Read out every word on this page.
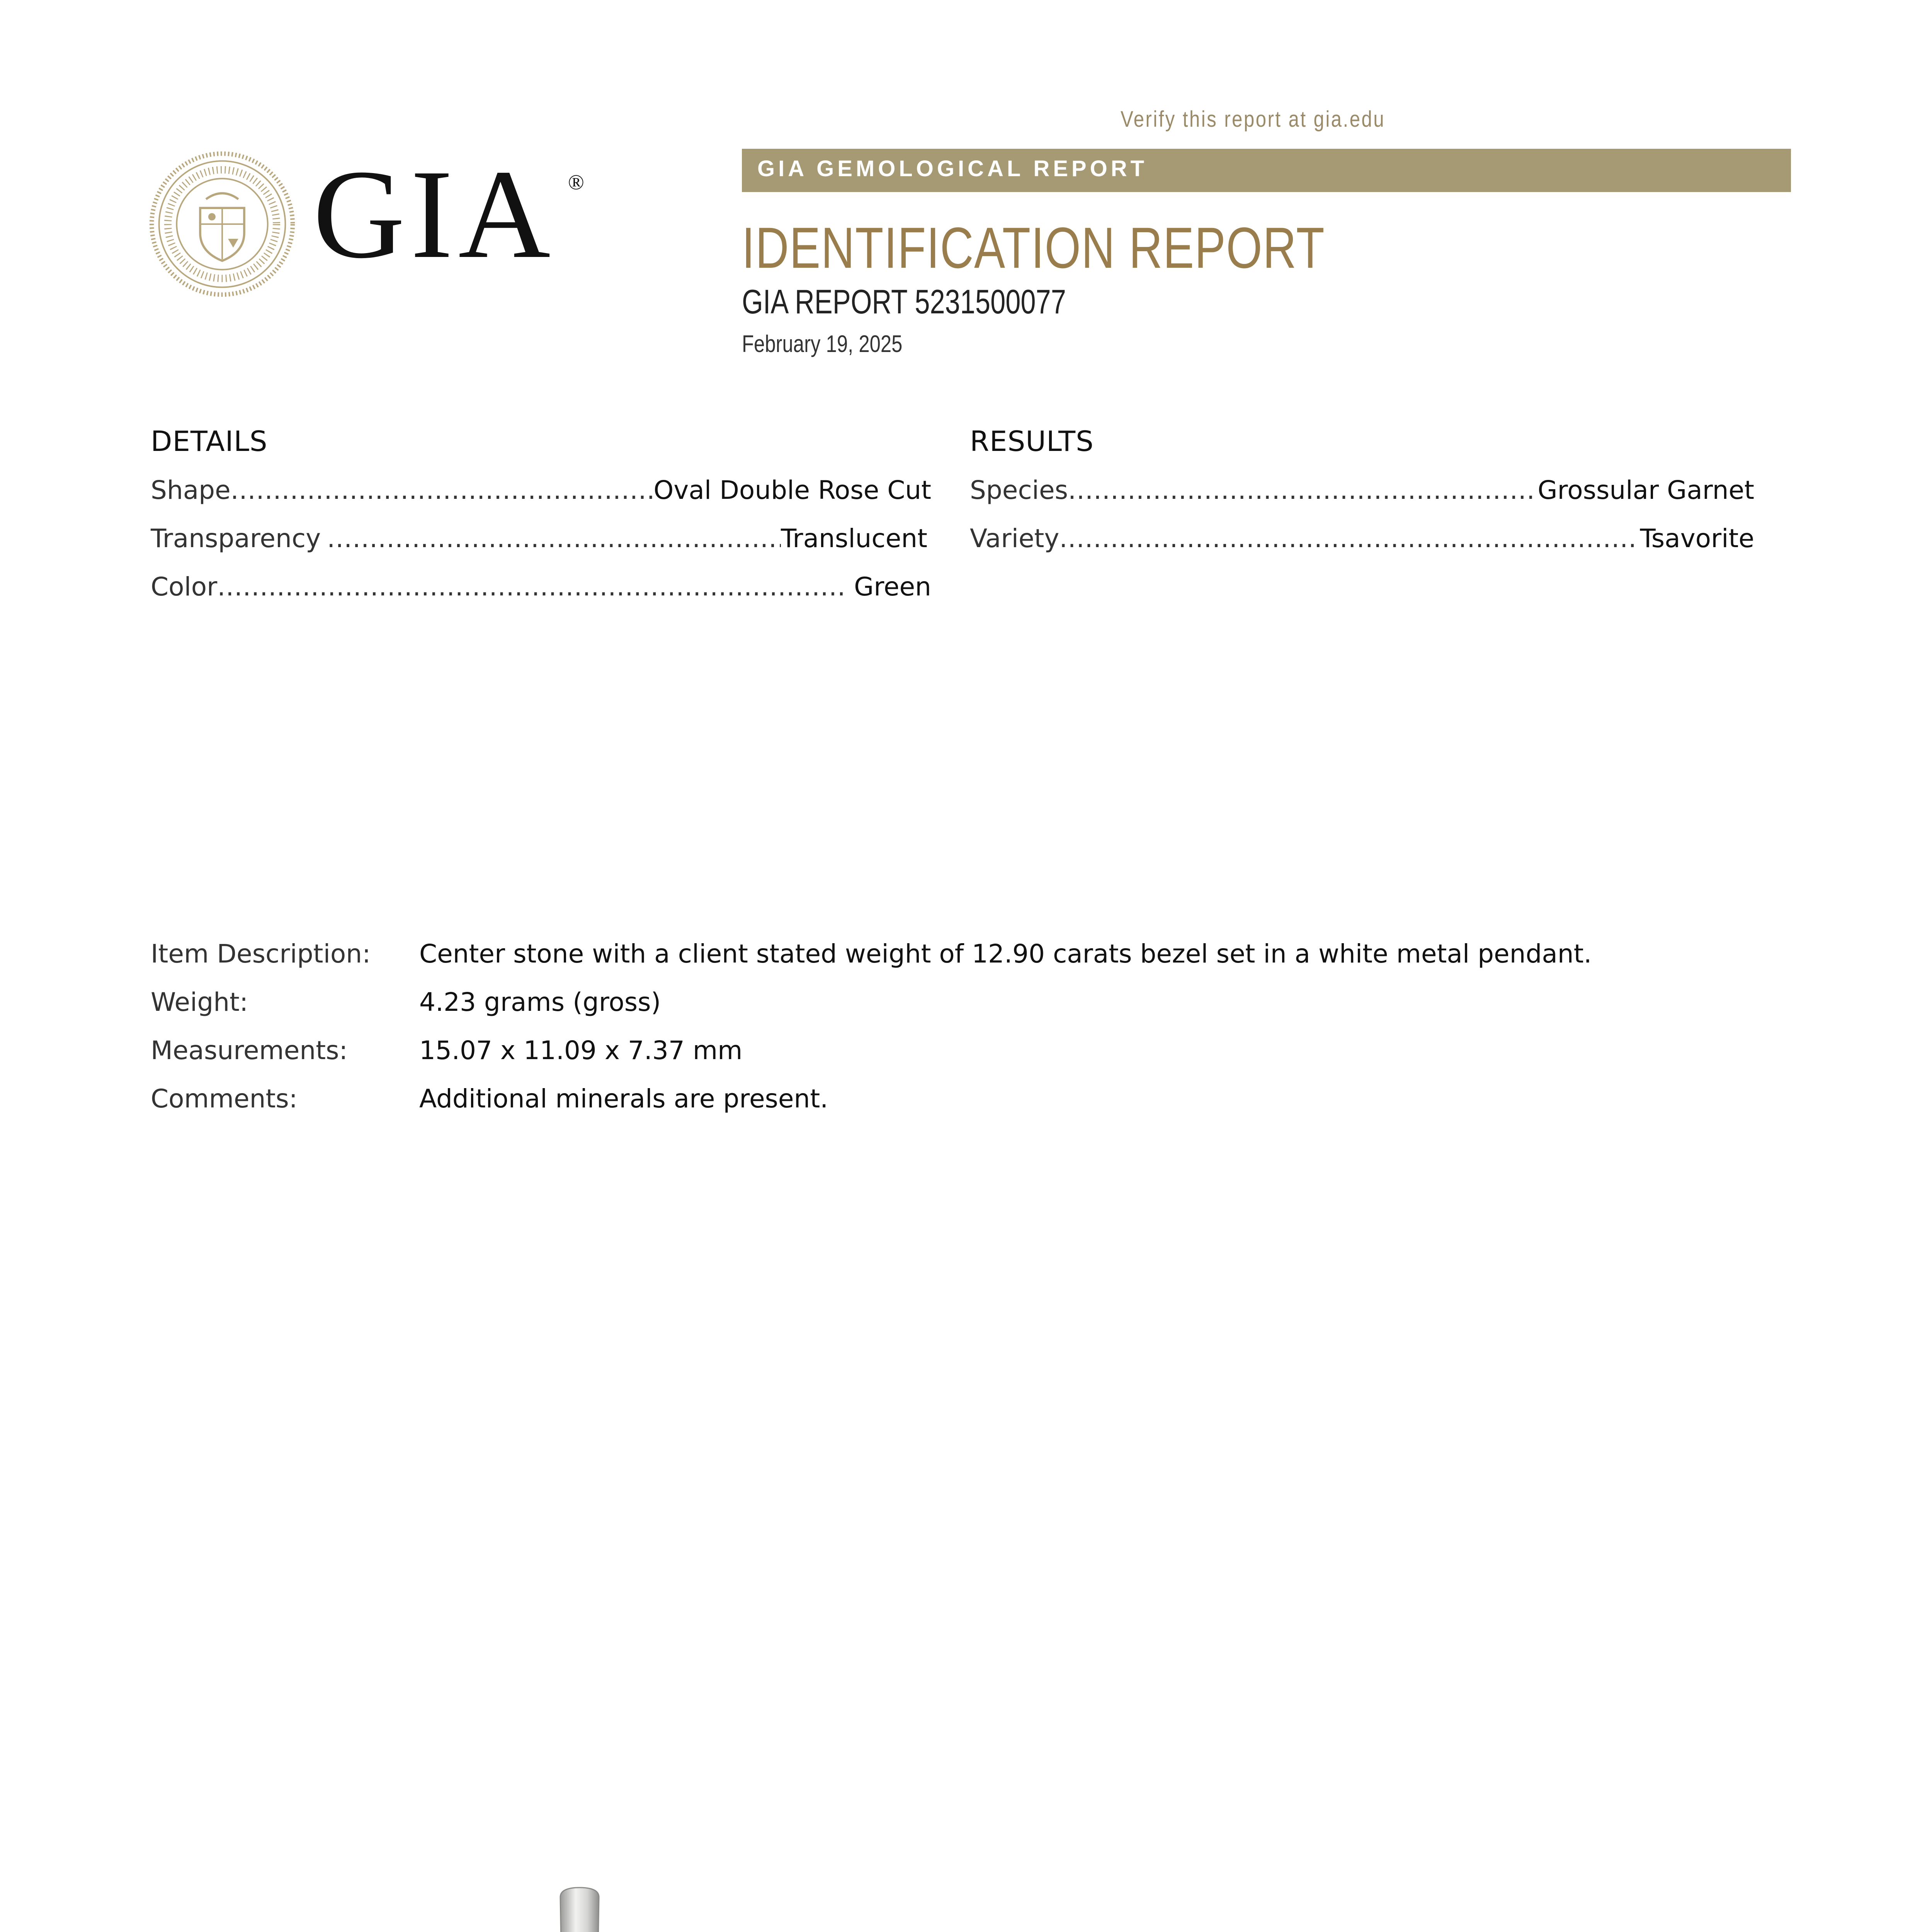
Verify this report at gia.edu
GIA ®
GIA GEMOLOGICAL REPORT
IDENTIFICATION REPORT
GIA REPORT 5231500077
February 19, 2025
DETAILS
Shape .....	Oval Double Rose Cut
Transparency .....	Translucent
Color .....	Green
RESULTS
Species .....	Grossular Garnet
Variety .....	Tsavorite
Item Description: Center stone with a client stated weight of 12.90 carats bezel set in a white metal pendant.
Weight:	4.23 grams (gross)
Measurements:	15.07 x 11.09 x 7.37 mm
Comments:	Additional minerals are present.
